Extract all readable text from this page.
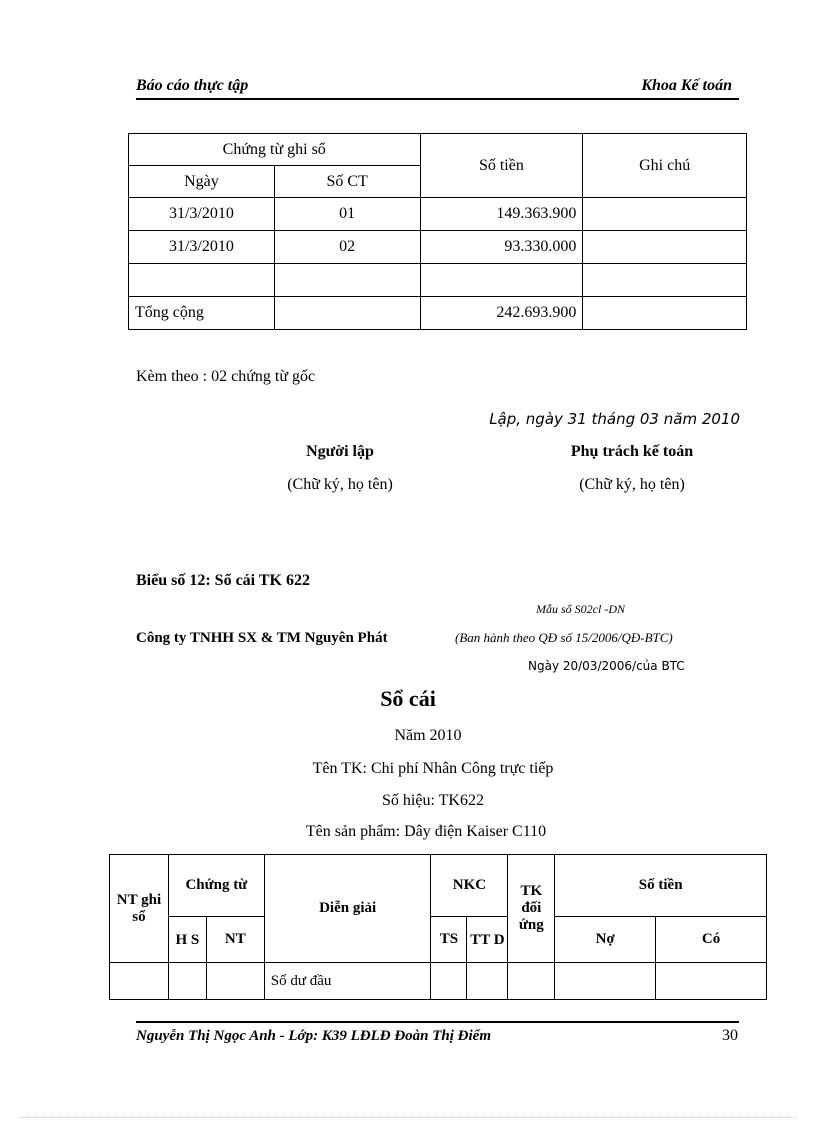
Báo cáo thực tập	Khoa Kế toán
Chứng từ ghi sổ		Số tiền	Ghi chú
Ngày	Số CT		
31/3/2010	01	149.363.900	
31/3/2010	02	93.330.000	

Tổng cộng		242.693.900	
Kèm theo : 02 chứng từ gốc
Lập, ngày 31 tháng 03 năm 2010
Người lập
(Chữ ký, họ tên)
Phụ trách kế toán
(Chữ ký, họ tên)
Biểu số 12: Sổ cái TK 622
Mẫu số S02cl -DN
Công ty TNHH SX & TM Nguyên Phát	(Ban hành theo QĐ số 15/2006/QĐ-BTC)
Ngày 20/03/2006/của BTC
Sổ cái
Năm 2010
Tên TK: Chi phí Nhân Công trực tiếp
Số hiệu: TK622
Tên sản phẩm: Dây điện Kaiser C110
NT ghi sổ	Chứng từ		Diễn giải	NKC		TK đối ứng	Số tiền	
	H S	NT		TS	TT D		Nợ	Có
			Số dư đầu					
Nguyễn Thị Ngọc Anh - Lớp: K39 LĐLĐ Đoàn Thị Điểm	30
